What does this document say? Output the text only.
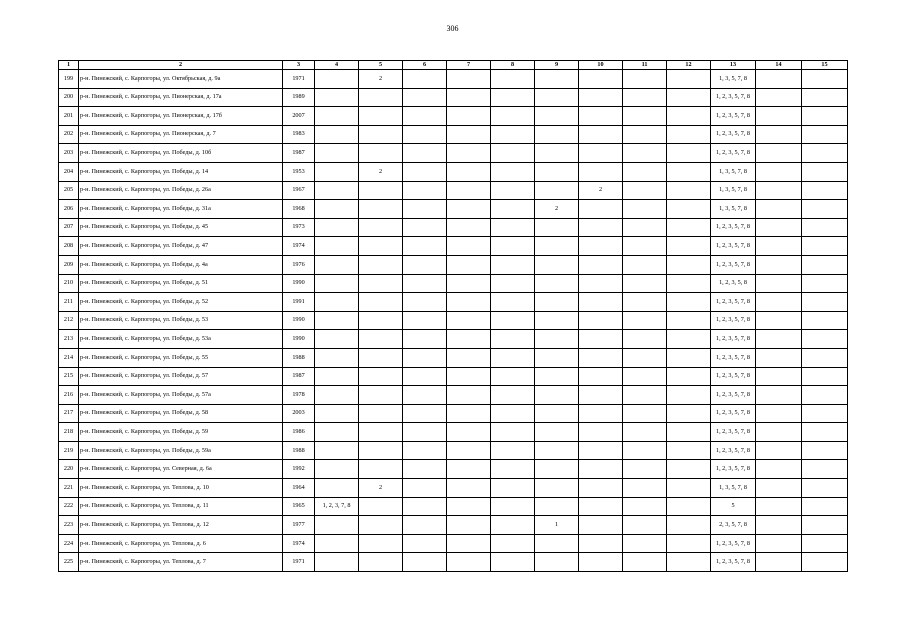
306
1	2	3	4	5	6	7	8	9	10	11	12	13	14	15
199	р-н. Пинежский, с. Карпогоры, ул. Октябрьская, д. 9а	1971		2								1, 3, 5, 7, 8		
200	р-н. Пинежский, с. Карпогоры, ул. Пионерская, д. 17а	1989										1, 2, 3, 5, 7, 8		
201	р-н. Пинежский, с. Карпогоры, ул. Пионерская, д. 17б	2007										1, 2, 3, 5, 7, 8		
202	р-н. Пинежский, с. Карпогоры, ул. Пионерская, д. 7	1983										1, 2, 3, 5, 7, 8		
203	р-н. Пинежский, с. Карпогоры, ул. Победы, д. 10б	1987										1, 2, 3, 5, 7, 8		
204	р-н. Пинежский, с. Карпогоры, ул. Победы, д. 14	1953		2								1, 3, 5, 7, 8		
205	р-н. Пинежский, с. Карпогоры, ул. Победы, д. 26а	1967							2			1, 3, 5, 7, 8		
206	р-н. Пинежский, с. Карпогоры, ул. Победы, д. 31а	1968						2				1, 3, 5, 7, 8		
207	р-н. Пинежский, с. Карпогоры, ул. Победы, д. 45	1973										1, 2, 3, 5, 7, 8		
208	р-н. Пинежский, с. Карпогоры, ул. Победы, д. 47	1974										1, 2, 3, 5, 7, 8		
209	р-н. Пинежский, с. Карпогоры, ул. Победы, д. 4а	1976										1, 2, 3, 5, 7, 8		
210	р-н. Пинежский, с. Карпогоры, ул. Победы, д. 51	1990										1, 2, 3, 5, 8		
211	р-н. Пинежский, с. Карпогоры, ул. Победы, д. 52	1991										1, 2, 3, 5, 7, 8		
212	р-н. Пинежский, с. Карпогоры, ул. Победы, д. 53	1990										1, 2, 3, 5, 7, 8		
213	р-н. Пинежский, с. Карпогоры, ул. Победы, д. 53а	1990										1, 2, 3, 5, 7, 8		
214	р-н. Пинежский, с. Карпогоры, ул. Победы, д. 55	1988										1, 2, 3, 5, 7, 8		
215	р-н. Пинежский, с. Карпогоры, ул. Победы, д. 57	1987										1, 2, 3, 5, 7, 8		
216	р-н. Пинежский, с. Карпогоры, ул. Победы, д. 57а	1978										1, 2, 3, 5, 7, 8		
217	р-н. Пинежский, с. Карпогоры, ул. Победы, д. 58	2003										1, 2, 3, 5, 7, 8		
218	р-н. Пинежский, с. Карпогоры, ул. Победы, д. 59	1986										1, 2, 3, 5, 7, 8		
219	р-н. Пинежский, с. Карпогоры, ул. Победы, д. 59а	1988										1, 2, 3, 5, 7, 8		
220	р-н. Пинежский, с. Карпогоры, ул. Северная, д. 6а	1992										1, 2, 3, 5, 7, 8		
221	р-н. Пинежский, с. Карпогоры, ул. Теплова, д. 10	1964		2								1, 3, 5, 7, 8		
222	р-н. Пинежский, с. Карпогоры, ул. Теплова, д. 11	1965	1, 2, 3, 7, 8									5		
223	р-н. Пинежский, с. Карпогоры, ул. Теплова, д. 12	1977						1				2, 3, 5, 7, 8		
224	р-н. Пинежский, с. Карпогоры, ул. Теплова, д. 6	1974										1, 2, 3, 5, 7, 8		
225	р-н. Пинежский, с. Карпогоры, ул. Теплова, д. 7	1971										1, 2, 3, 5, 7, 8		
